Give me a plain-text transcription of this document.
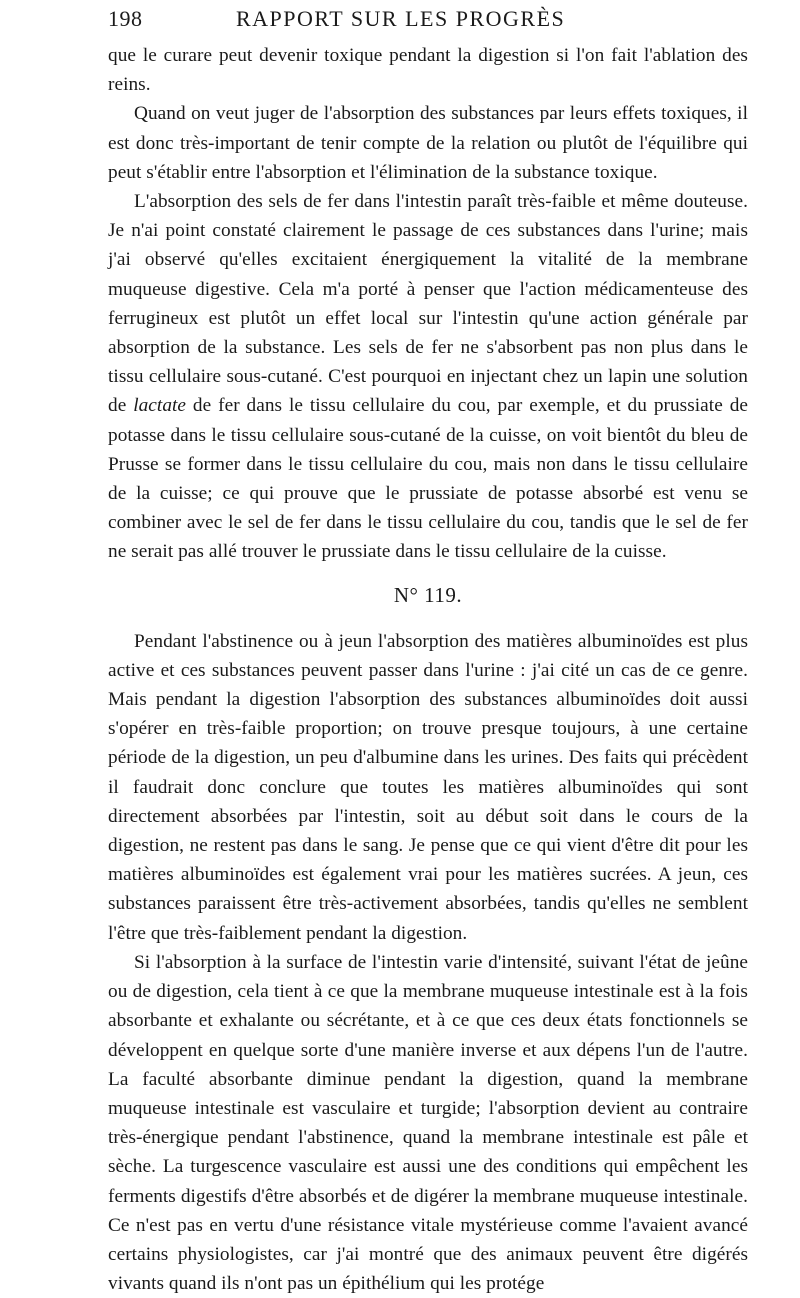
198	RAPPORT SUR LES PROGRÈS

que le curare peut devenir toxique pendant la digestion si l'on fait l'ablation des reins.

Quand on veut juger de l'absorption des substances par leurs effets toxiques, il est donc très-important de tenir compte de la relation ou plutôt de l'équilibre qui peut s'établir entre l'absorption et l'élimination de la substance toxique.

L'absorption des sels de fer dans l'intestin paraît très-faible et même douteuse. Je n'ai point constaté clairement le passage de ces substances dans l'urine; mais j'ai observé qu'elles excitaient énergiquement la vitalité de la membrane muqueuse digestive. Cela m'a porté à penser que l'action médicamenteuse des ferrugineux est plutôt un effet local sur l'intestin qu'une action générale par absorption de la substance. Les sels de fer ne s'absorbent pas non plus dans le tissu cellulaire sous-cutané. C'est pourquoi en injectant chez un lapin une solution de lactate de fer dans le tissu cellulaire du cou, par exemple, et du prussiate de potasse dans le tissu cellulaire sous-cutané de la cuisse, on voit bientôt du bleu de Prusse se former dans le tissu cellulaire du cou, mais non dans le tissu cellulaire de la cuisse; ce qui prouve que le prussiate de potasse absorbé est venu se combiner avec le sel de fer dans le tissu cellulaire du cou, tandis que le sel de fer ne serait pas allé trouver le prussiate dans le tissu cellulaire de la cuisse.

N° 119.

Pendant l'abstinence ou à jeun l'absorption des matières albuminoïdes est plus active et ces substances peuvent passer dans l'urine : j'ai cité un cas de ce genre. Mais pendant la digestion l'absorption des substances albuminoïdes doit aussi s'opérer en très-faible proportion; on trouve presque toujours, à une certaine période de la digestion, un peu d'albumine dans les urines. Des faits qui précèdent il faudrait donc conclure que toutes les matières albuminoïdes qui sont directement absorbées par l'intestin, soit au début soit dans le cours de la digestion, ne restent pas dans le sang. Je pense que ce qui vient d'être dit pour les matières albuminoïdes est également vrai pour les matières sucrées. A jeun, ces substances paraissent être très-activement absorbées, tandis qu'elles ne semblent l'être que très-faiblement pendant la digestion.

Si l'absorption à la surface de l'intestin varie d'intensité, suivant l'état de jeûne ou de digestion, cela tient à ce que la membrane muqueuse intestinale est à la fois absorbante et exhalante ou sécrétante, et à ce que ces deux états fonctionnels se développent en quelque sorte d'une manière inverse et aux dépens l'un de l'autre. La faculté absorbante diminue pendant la digestion, quand la membrane muqueuse intestinale est vasculaire et turgide; l'absorption devient au contraire très-énergique pendant l'abstinence, quand la membrane intestinale est pâle et sèche. La turgescence vasculaire est aussi une des conditions qui empêchent les ferments digestifs d'être absorbés et de digérer la membrane muqueuse intestinale. Ce n'est pas en vertu d'une résistance vitale mystérieuse comme l'avaient avancé certains physiologistes, car j'ai montré que des animaux peuvent être digérés vivants quand ils n'ont pas un épithélium qui les protége
